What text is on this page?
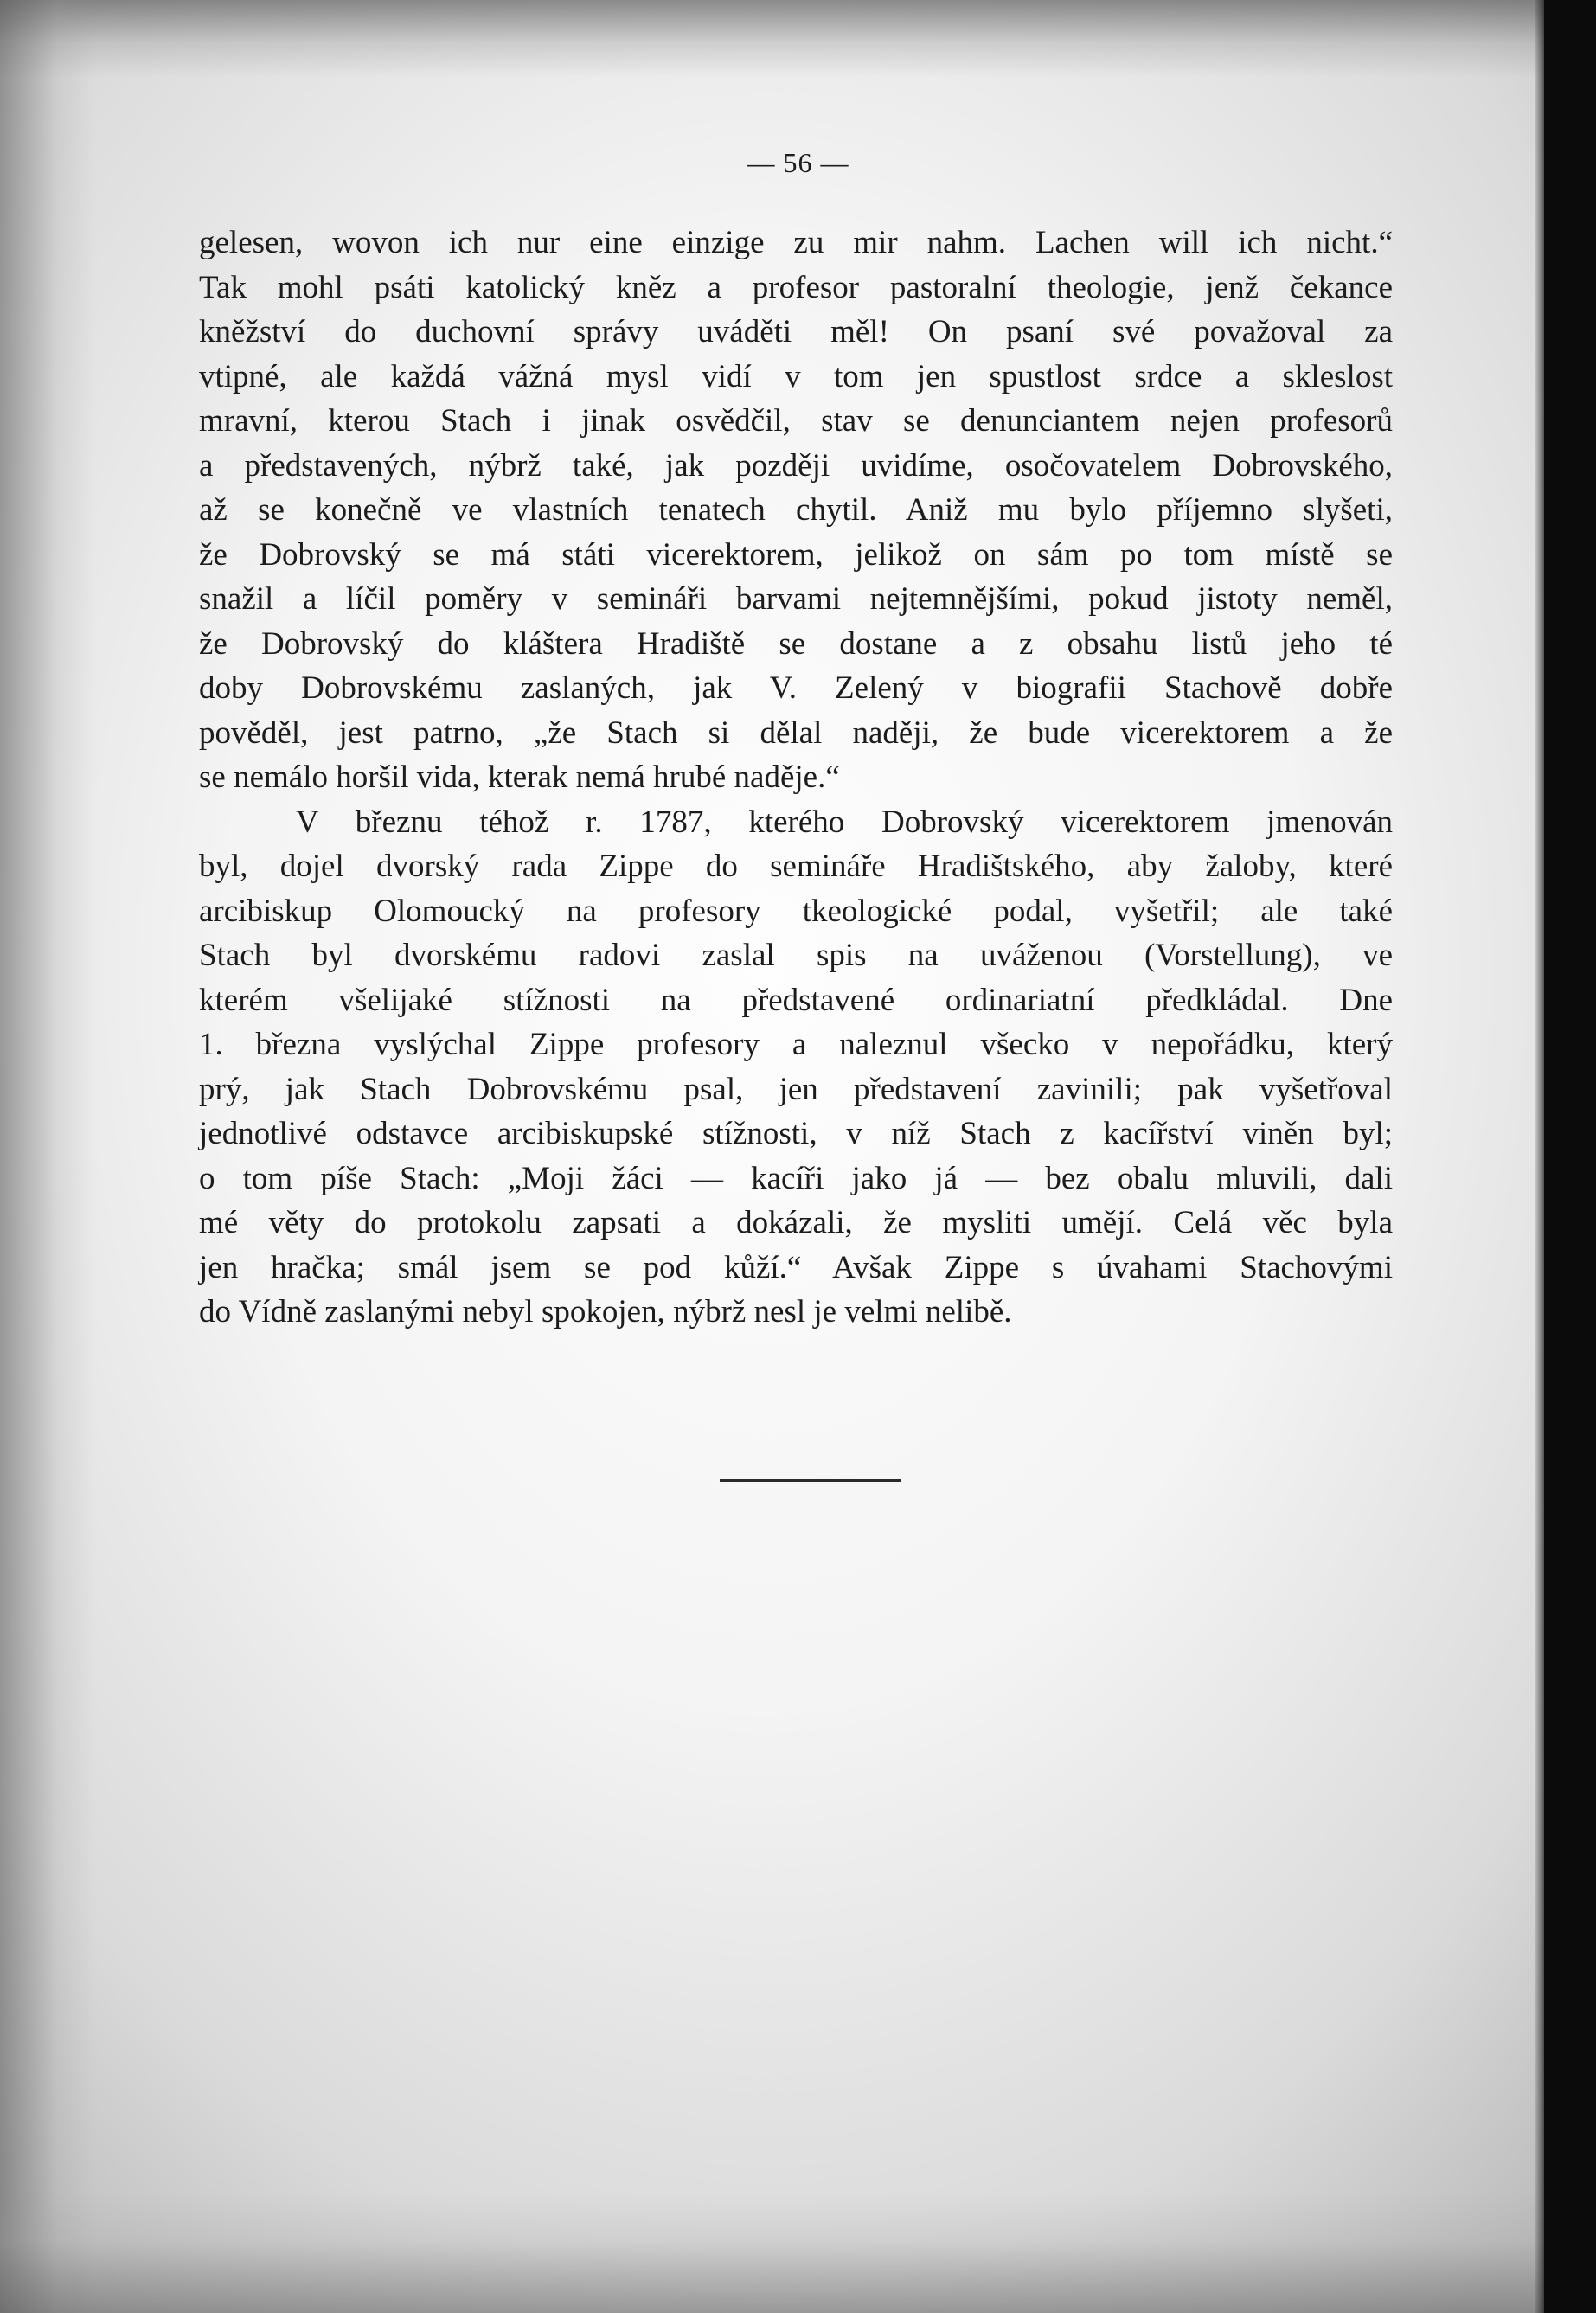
— 56 —
gelesen, wovon ich nur eine einzige zu mir nahm. Lachen will ich nicht.“
Tak mohl psáti katolický kněz a profesor pastoralní theologie, jenž čekance
kněžství do duchovní správy uváděti měl! On psaní své považoval za
vtipné, ale každá vážná mysl vidí v tom jen spustlost srdce a skleslost
mravní, kterou Stach i jinak osvědčil, stav se denunciantem nejen profesorů
a představených, nýbrž také, jak později uvidíme, osočovatelem Dobrovského,
až se konečně ve vlastních tenatech chytil. Aniž mu bylo příjemno slyšeti,
že Dobrovský se má státi vicerektorem, jelikož on sám po tom místě se
snažil a líčil poměry v semináři barvami nejtemnějšími, pokud jistoty neměl,
že Dobrovský do kláštera Hradiště se dostane a z obsahu listů jeho té
doby Dobrovskému zaslaných, jak V. Zelený v biografii Stachově dobře
pověděl, jest patrno, „že Stach si dělal naději, že bude vicerektorem a že
se nemálo horšil vida, kterak nemá hrubé naděje.“
V březnu téhož r. 1787, kterého Dobrovský vicerektorem jmenován
byl, dojel dvorský rada Zippe do semináře Hradištského, aby žaloby, které
arcibiskup Olomoucký na profesory tkeologické podal, vyšetřil; ale také
Stach byl dvorskému radovi zaslal spis na uváženou (Vorstellung), ve
kterém všelijaké stížnosti na představené ordinariatní předkládal. Dne
1. března vyslýchal Zippe profesory a naleznul všecko v nepořádku, který
prý, jak Stach Dobrovskému psal, jen představení zavinili; pak vyšetřoval
jednotlivé odstavce arcibiskupské stížnosti, v níž Stach z kacířství viněn byl;
o tom píše Stach: „Moji žáci — kacíři jako já — bez obalu mluvili, dali
mé věty do protokolu zapsati a dokázali, že mysliti umějí. Celá věc byla
jen hračka; smál jsem se pod kůží.“ Avšak Zippe s úvahami Stachovými
do Vídně zaslanými nebyl spokojen, nýbrž nesl je velmi nelibě.
